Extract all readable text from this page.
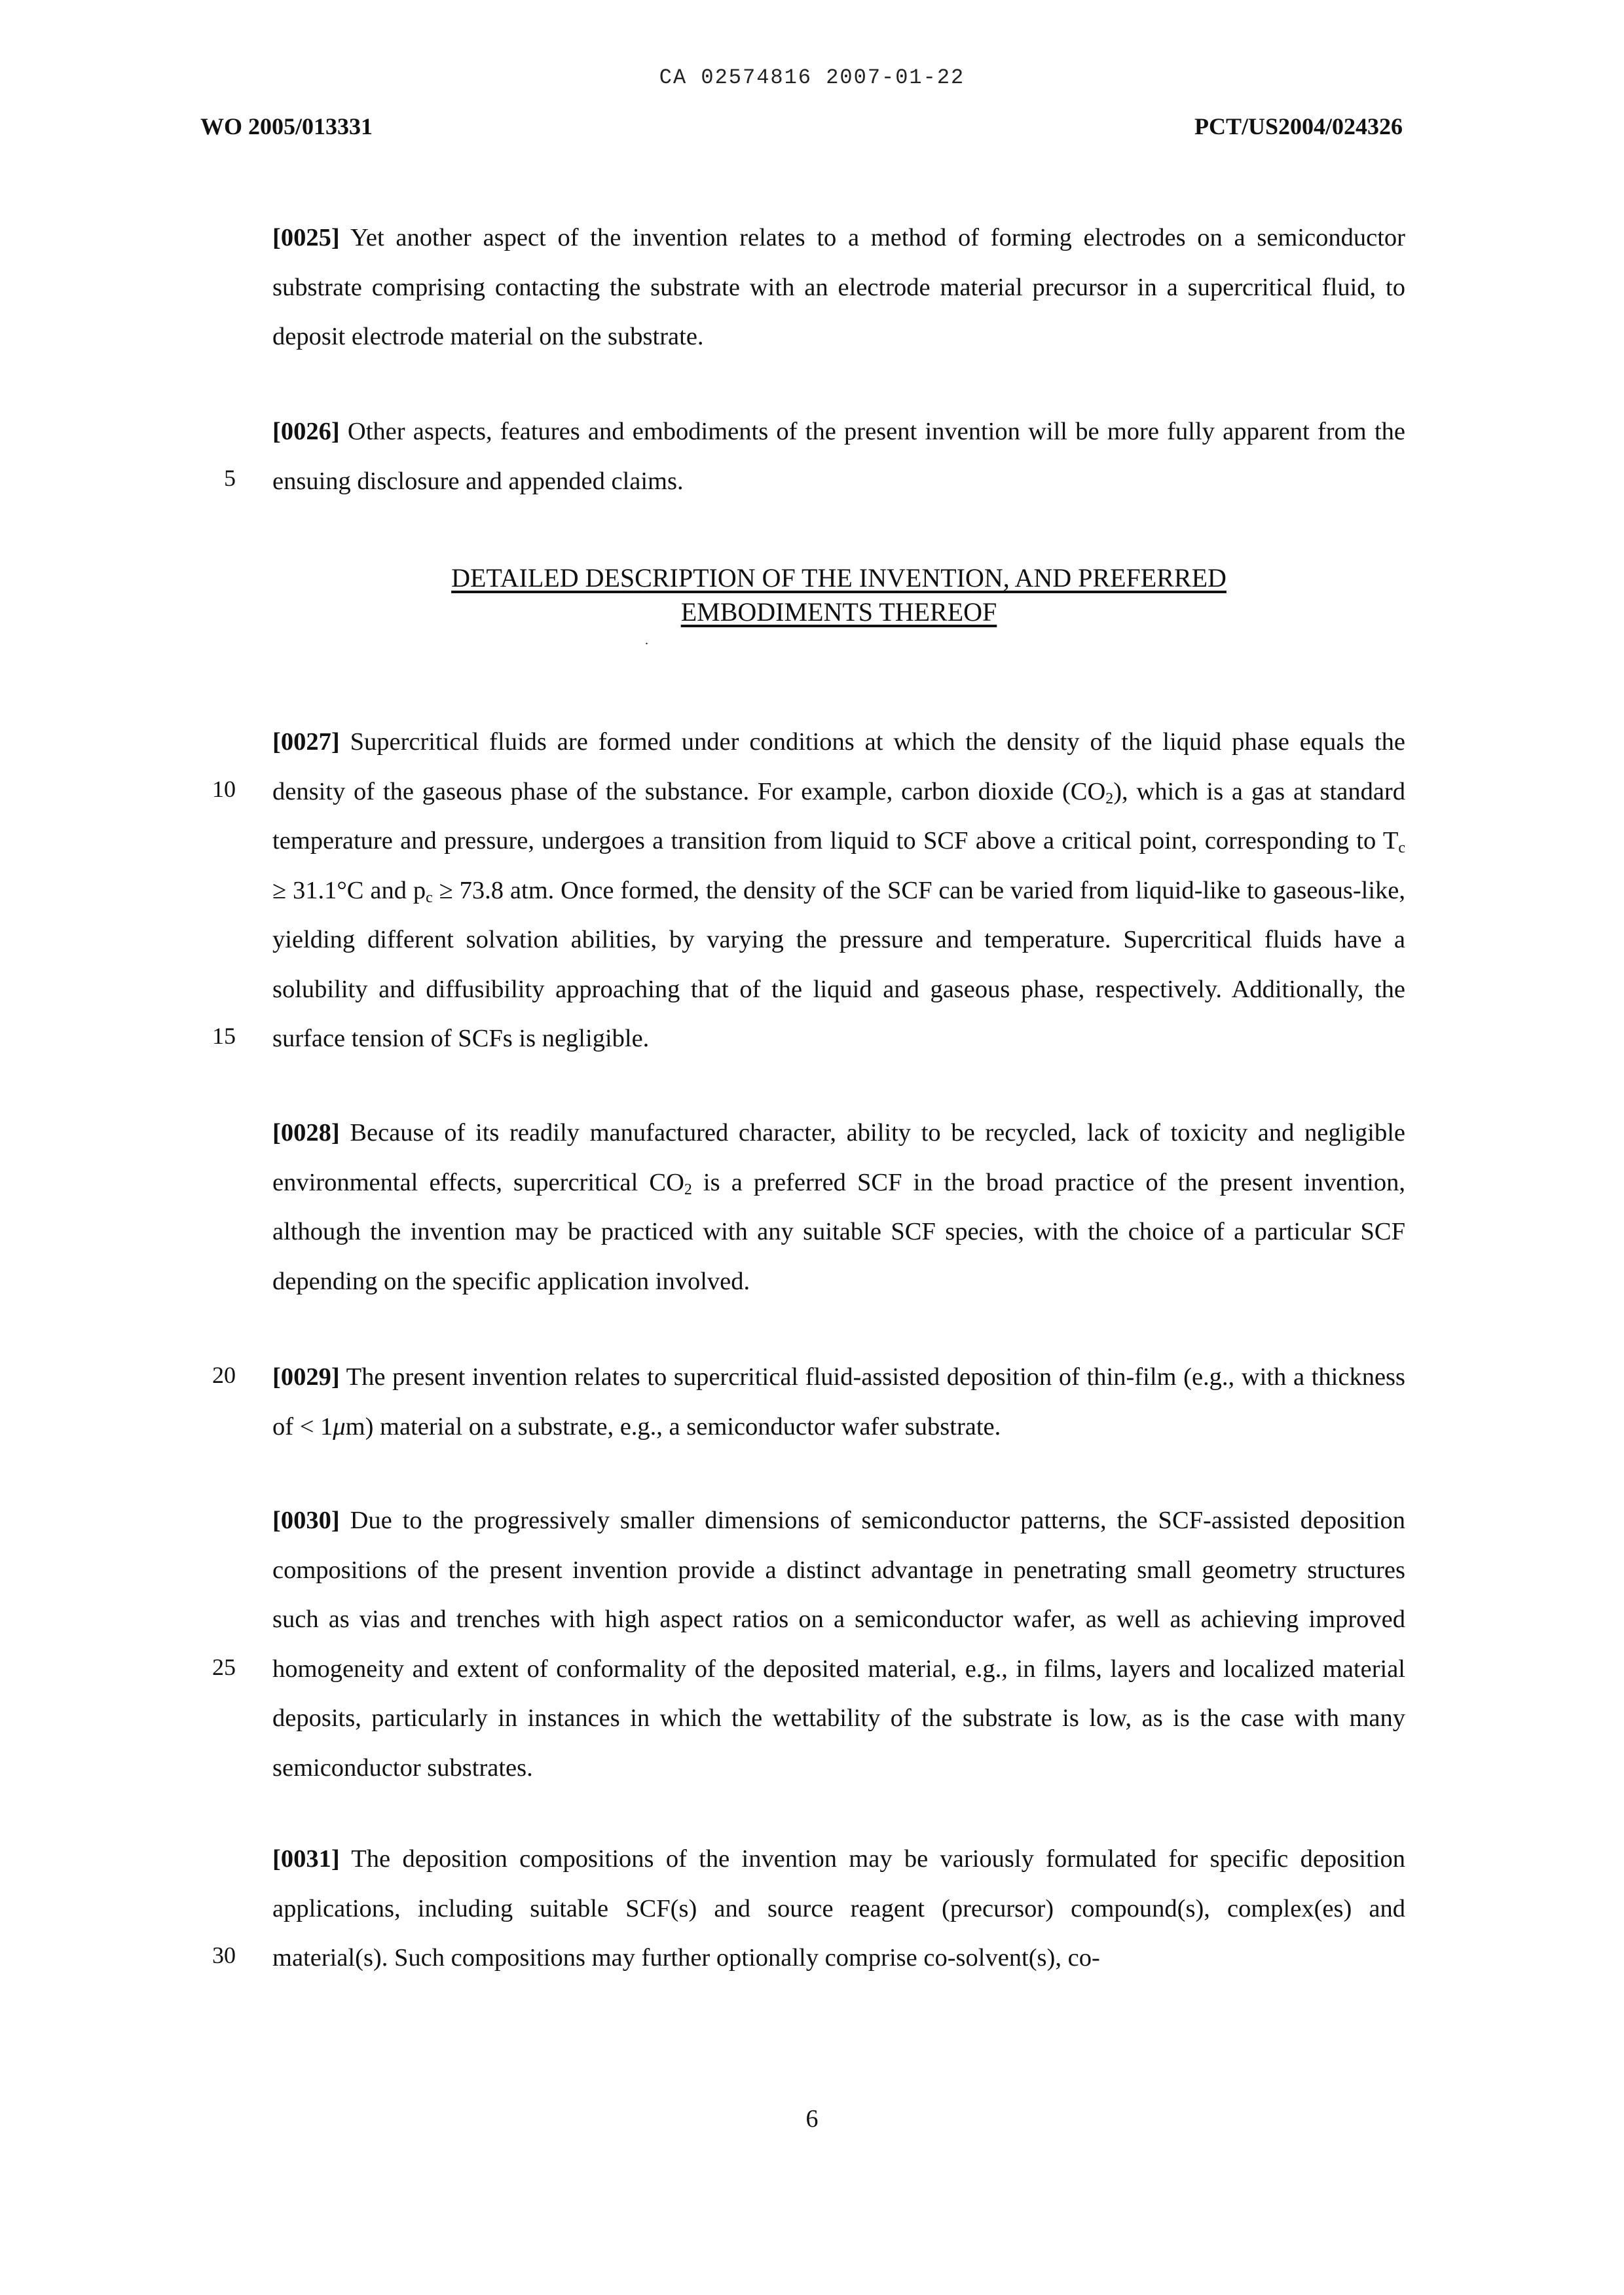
CA 02574816 2007-01-22
WO 2005/013331	PCT/US2004/024326

[0025] Yet another aspect of the invention relates to a method of forming electrodes on a semiconductor substrate comprising contacting the substrate with an electrode material precursor in a supercritical fluid, to deposit electrode material on the substrate.

[0026] Other aspects, features and embodiments of the present invention will be more fully apparent from the ensuing disclosure and appended claims.

DETAILED DESCRIPTION OF THE INVENTION, AND PREFERRED
EMBODIMENTS THEREOF
.

[0027] Supercritical fluids are formed under conditions at which the density of the liquid phase equals the density of the gaseous phase of the substance. For example, carbon dioxide $(CO_2)$, which is a gas at standard temperature and pressure, undergoes a transition from liquid to SCF above a critical point, corresponding to $T_c \ge 31.1^\circ C$ and $p_c \ge 73.8$ atm. Once formed, the density of the SCF can be varied from liquid-like to gaseous-like, yielding different solvation abilities, by varying the pressure and temperature. Supercritical fluids have a solubility and diffusibility approaching that of the liquid and gaseous phase, respectively. Additionally, the surface tension of SCFs is negligible.

[0028] Because of its readily manufactured character, ability to be recycled, lack of toxicity and negligible environmental effects, supercritical $CO_2$ is a preferred SCF in the broad practice of the present invention, although the invention may be practiced with any suitable SCF species, with the choice of a particular SCF depending on the specific application involved.

[0029] The present invention relates to supercritical fluid-assisted deposition of thin-film (e.g., with a thickness of < 1μm) material on a substrate, e.g., a semiconductor wafer substrate.

[0030] Due to the progressively smaller dimensions of semiconductor patterns, the SCF-assisted deposition compositions of the present invention provide a distinct advantage in penetrating small geometry structures such as vias and trenches with high aspect ratios on a semiconductor wafer, as well as achieving improved homogeneity and extent of conformality of the deposited material, e.g., in films, layers and localized material deposits, particularly in instances in which the wettability of the substrate is low, as is the case with many semiconductor substrates.

[0031] The deposition compositions of the invention may be variously formulated for specific deposition applications, including suitable SCF(s) and source reagent (precursor) compound(s), complex(es) and material(s). Such compositions may further optionally comprise co-solvent(s), co-

5
10
15
20
25
30
6
